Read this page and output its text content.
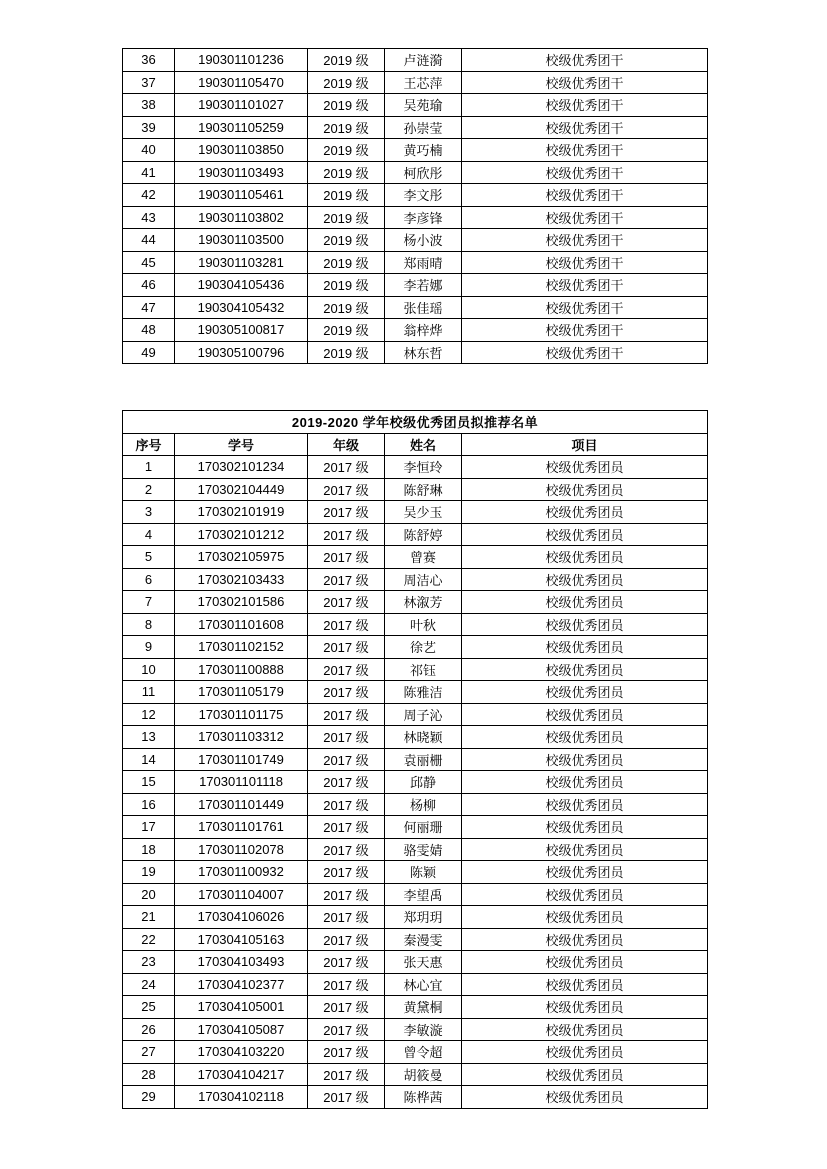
36	190301101236	2019 级	卢涟漪	校级优秀团干
37	190301105470	2019 级	王芯萍	校级优秀团干
38	190301101027	2019 级	吴苑瑜	校级优秀团干
39	190301105259	2019 级	孙崇莹	校级优秀团干
40	190301103850	2019 级	黄巧楠	校级优秀团干
41	190301103493	2019 级	柯欣彤	校级优秀团干
42	190301105461	2019 级	李文彤	校级优秀团干
43	190301103802	2019 级	李彦锋	校级优秀团干
44	190301103500	2019 级	杨小波	校级优秀团干
45	190301103281	2019 级	郑雨晴	校级优秀团干
46	190304105436	2019 级	李若娜	校级优秀团干
47	190304105432	2019 级	张佳瑶	校级优秀团干
48	190305100817	2019 级	翁梓烨	校级优秀团干
49	190305100796	2019 级	林东哲	校级优秀团干
2019-2020 学年校级优秀团员拟推荐名单				
序号	学号	年级	姓名	项目
1	170302101234	2017 级	李恒玲	校级优秀团员
2	170302104449	2017 级	陈舒琳	校级优秀团员
3	170302101919	2017 级	吴少玉	校级优秀团员
4	170302101212	2017 级	陈舒婷	校级优秀团员
5	170302105975	2017 级	曾赛	校级优秀团员
6	170302103433	2017 级	周洁心	校级优秀团员
7	170302101586	2017 级	林溆芳	校级优秀团员
8	170301101608	2017 级	叶秋	校级优秀团员
9	170301102152	2017 级	徐艺	校级优秀团员
10	170301100888	2017 级	祁钰	校级优秀团员
11	170301105179	2017 级	陈雅洁	校级优秀团员
12	170301101175	2017 级	周子沁	校级优秀团员
13	170301103312	2017 级	林晓颖	校级优秀团员
14	170301101749	2017 级	袁丽栅	校级优秀团员
15	170301101118	2017 级	邱静	校级优秀团员
16	170301101449	2017 级	杨柳	校级优秀团员
17	170301101761	2017 级	何丽珊	校级优秀团员
18	170301102078	2017 级	骆雯婧	校级优秀团员
19	170301100932	2017 级	陈颖	校级优秀团员
20	170301104007	2017 级	李望禹	校级优秀团员
21	170304106026	2017 级	郑玥玥	校级优秀团员
22	170304105163	2017 级	秦漫雯	校级优秀团员
23	170304103493	2017 级	张天惠	校级优秀团员
24	170304102377	2017 级	林心宜	校级优秀团员
25	170304105001	2017 级	黄黛桐	校级优秀团员
26	170304105087	2017 级	李敏漩	校级优秀团员
27	170304103220	2017 级	曾令超	校级优秀团员
28	170304104217	2017 级	胡筱曼	校级优秀团员
29	170304102118	2017 级	陈桦茜	校级优秀团员
